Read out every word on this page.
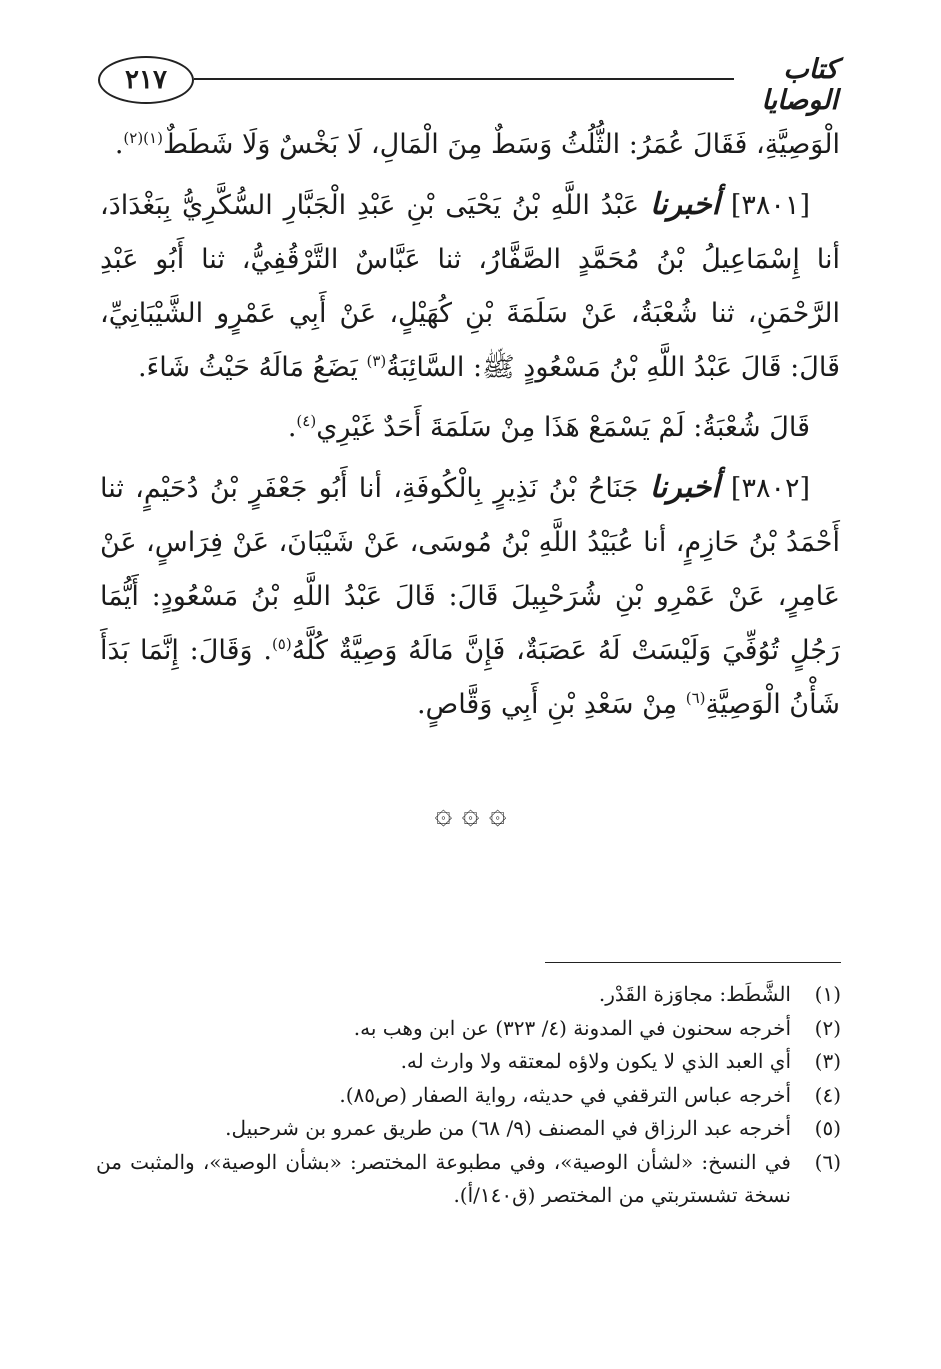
٢١٧	كتاب الوصايا

الْوَصِيَّةِ، فَقَالَ عُمَرُ: الثُّلُثُ وَسَطٌ مِنَ الْمَالِ، لَا بَخْسٌ وَلَا شَطَطٌ$^{(١)(٢)}$.

[٣٨٠١] أخبرنا عَبْدُ اللَّهِ بْنُ يَحْيَى بْنِ عَبْدِ الْجَبَّارِ السُّكَّرِيُّ بِبَغْدَادَ، أنا إِسْمَاعِيلُ بْنُ مُحَمَّدٍ الصَّفَّارُ، ثنا عَبَّاسٌ التَّرْقُفِيُّ، ثنا أَبُو عَبْدِ الرَّحْمَنِ، ثنا شُعْبَةُ، عَنْ سَلَمَةَ بْنِ كُهَيْلٍ، عَنْ أَبِي عَمْرٍو الشَّيْبَانِيِّ، قَالَ: قَالَ عَبْدُ اللَّهِ بْنُ مَسْعُودٍ ﷺ: السَّائِبَةُ$^{(٣)}$ يَضَعُ مَالَهُ حَيْثُ شَاءَ.

قَالَ شُعْبَةُ: لَمْ يَسْمَعْ هَذَا مِنْ سَلَمَةَ أَحَدٌ غَيْرِي$^{(٤)}$.

[٣٨٠٢] أخبرنا جَنَاحُ بْنُ نَذِيرٍ بِالْكُوفَةِ، أنا أَبُو جَعْفَرٍ بْنُ دُحَيْمٍ، ثنا أَحْمَدُ بْنُ حَازِمٍ، أنا عُبَيْدُ اللَّهِ بْنُ مُوسَى، عَنْ شَيْبَانَ، عَنْ فِرَاسٍ، عَنْ عَامِرٍ، عَنْ عَمْرِو بْنِ شُرَحْبِيلَ قَالَ: قَالَ عَبْدُ اللَّهِ بْنُ مَسْعُودٍ: أَيُّمَا رَجُلٍ تُوُفِّيَ وَلَيْسَتْ لَهُ عَصَبَةٌ، فَإِنَّ مَالَهُ وَصِيَّةٌ كُلَّهُ$^{(٥)}$. وَقَالَ: إِنَّمَا بَدَأَ شَأْنُ الْوَصِيَّةِ$^{(٦)}$ مِنْ سَعْدِ بْنِ أَبِي وَقَّاصٍ.

۞ ۞ ۞
(١)
الشَّطَط: مجاوَزة القَدْر.
(٢)
أخرجه سحنون في المدونة (٤/ ٣٢٣) عن ابن وهب به.
(٣)
أي العبد الذي لا يكون ولاؤه لمعتقه ولا وارث له.
(٤)
أخرجه عباس الترقفي في حديثه، رواية الصفار (ص٨٥).
(٥)
أخرجه عبد الرزاق في المصنف (٩/ ٦٨) من طريق عمرو بن شرحبيل.
(٦)
في النسخ: «لشأن الوصية»، وفي مطبوعة المختصر: «بشأن الوصية»، والمثبت من نسخة تشستربتي من المختصر (ق١٤٠/أ).
